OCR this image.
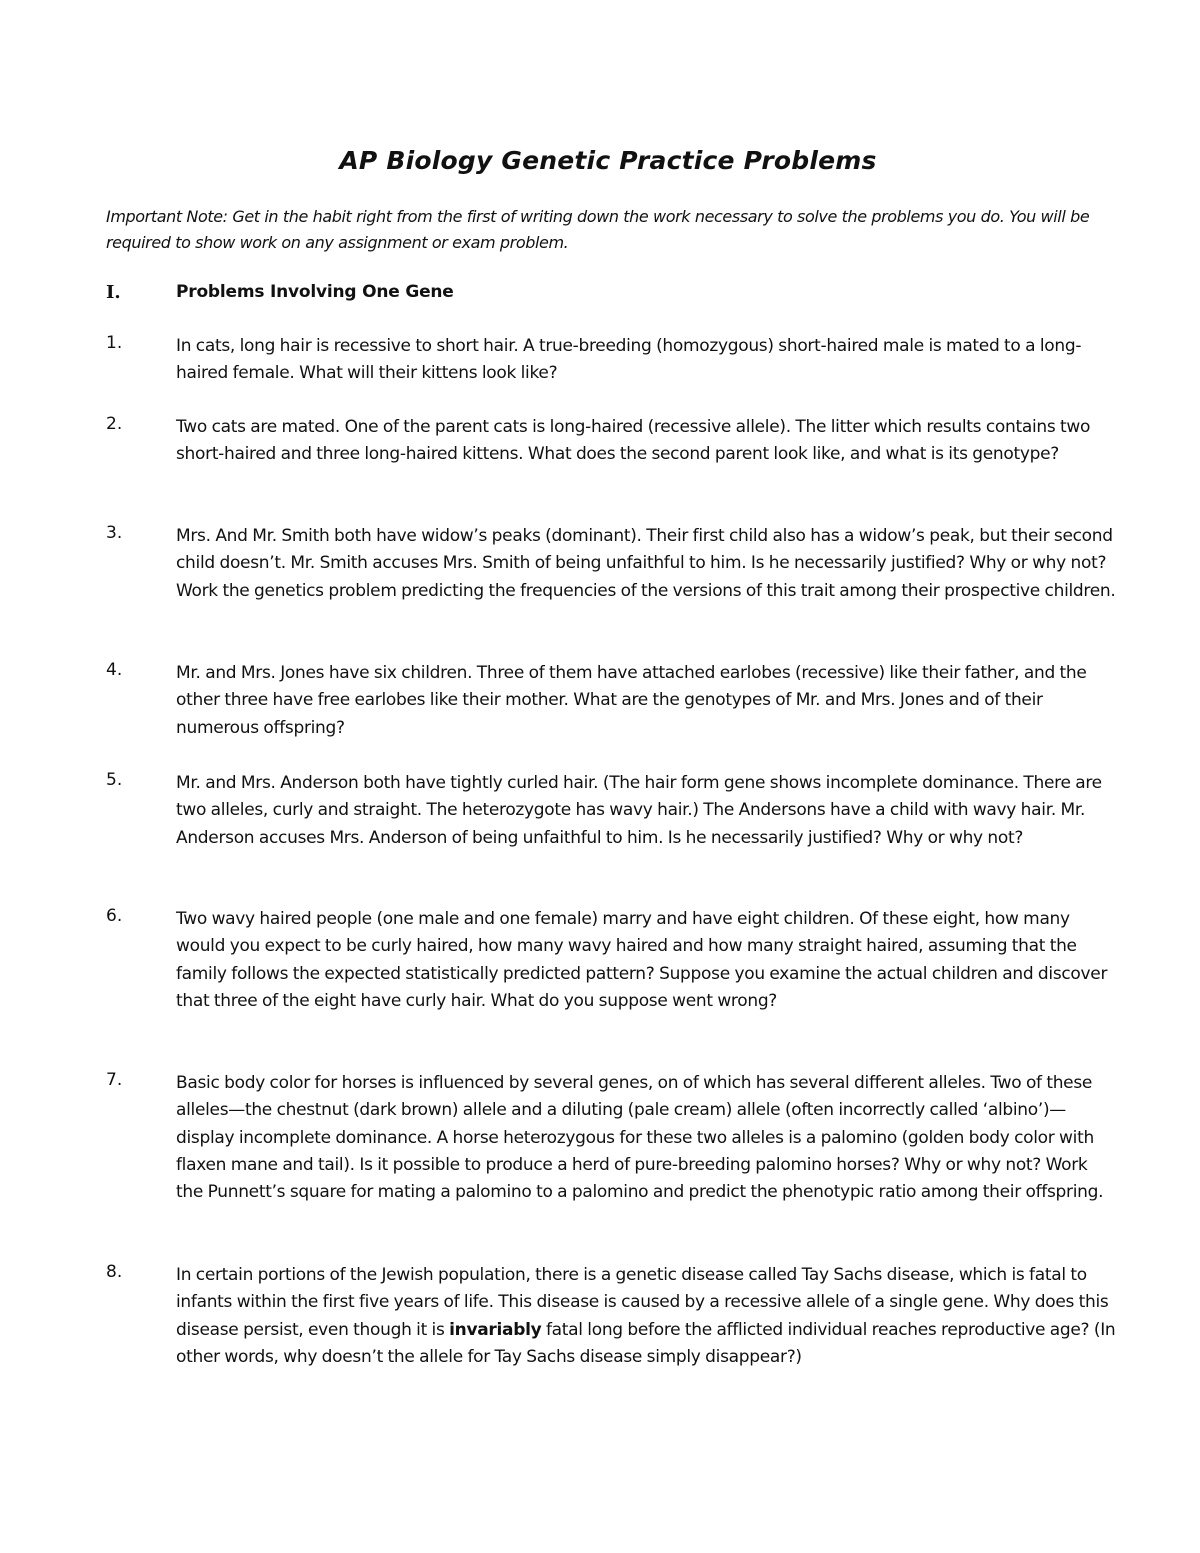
AP Biology Genetic Practice Problems
Important Note: Get in the habit right from the first of writing down the work necessary to solve the problems you do. You will be required to show work on any assignment or exam problem.
I.	Problems Involving One Gene
1.	In cats, long hair is recessive to short hair. A true-breeding (homozygous) short-haired male is mated to a long-haired female. What will their kittens look like?
2.	Two cats are mated. One of the parent cats is long-haired (recessive allele). The litter which results contains two short-haired and three long-haired kittens. What does the second parent look like, and what is its genotype?
3.	Mrs. And Mr. Smith both have widow’s peaks (dominant). Their first child also has a widow’s peak, but their second child doesn’t. Mr. Smith accuses Mrs. Smith of being unfaithful to him. Is he necessarily justified? Why or why not? Work the genetics problem predicting the frequencies of the versions of this trait among their prospective children.
4.	Mr. and Mrs. Jones have six children. Three of them have attached earlobes (recessive) like their father, and the other three have free earlobes like their mother. What are the genotypes of Mr. and Mrs. Jones and of their numerous offspring?
5.	Mr. and Mrs. Anderson both have tightly curled hair. (The hair form gene shows incomplete dominance. There are two alleles, curly and straight. The heterozygote has wavy hair.) The Andersons have a child with wavy hair. Mr. Anderson accuses Mrs. Anderson of being unfaithful to him. Is he necessarily justified? Why or why not?
6.	Two wavy haired people (one male and one female) marry and have eight children. Of these eight, how many would you expect to be curly haired, how many wavy haired and how many straight haired, assuming that the family follows the expected statistically predicted pattern? Suppose you examine the actual children and discover that three of the eight have curly hair. What do you suppose went wrong?
7.	Basic body color for horses is influenced by several genes, on of which has several different alleles. Two of these alleles—the chestnut (dark brown) allele and a diluting (pale cream) allele (often incorrectly called ‘albino’)—display incomplete dominance. A horse heterozygous for these two alleles is a palomino (golden body color with flaxen mane and tail). Is it possible to produce a herd of pure-breeding palomino horses? Why or why not? Work the Punnett’s square for mating a palomino to a palomino and predict the phenotypic ratio among their offspring.
8.	In certain portions of the Jewish population, there is a genetic disease called Tay Sachs disease, which is fatal to infants within the first five years of life. This disease is caused by a recessive allele of a single gene. Why does this disease persist, even though it is invariably fatal long before the afflicted individual reaches reproductive age? (In other words, why doesn’t the allele for Tay Sachs disease simply disappear?)
